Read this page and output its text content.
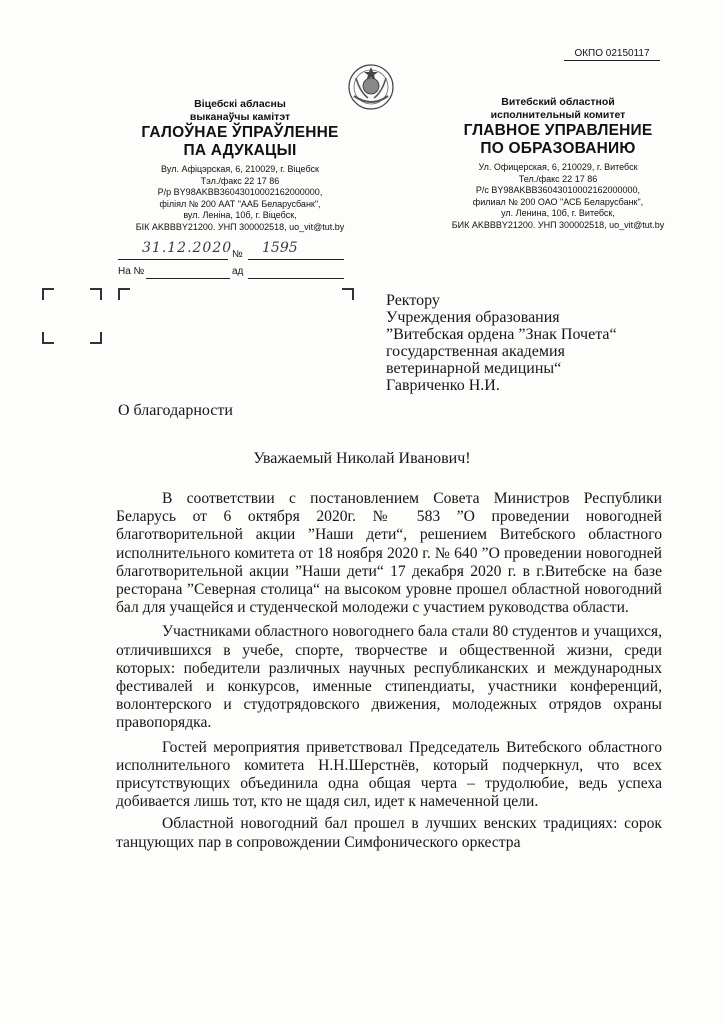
ОКПО 02150117
Віцебскі абласны
выканаўчы камітэт
ГАЛОЎНАЕ ЎПРАЎЛЕННЕ
ПА АДУКАЦЫІ
Вул. Афіцэрская, 6, 210029, г. Віцебск
Тэл./факс 22 17 86
Р/р BY98AKBB36043010002162000000,
філіял № 200 ААТ "ААБ Беларусбанк",
вул. Леніна, 10б, г. Віцебск,
БІК AKBBBY21200. УНП 300002518, uo_vit@tut.by
Витебский областной
исполнительный комитет
ГЛАВНОЕ УПРАВЛЕНИЕ
ПО ОБРАЗОВАНИЮ
Ул. Офицерская, 6, 210029, г. Витебск
Тел./факс 22 17 86
Р/с BY98AKBB36043010002162000000,
филиал № 200 ОАО "АСБ Беларусбанк",
ул. Ленина, 10б, г. Витебск,
БИК AKBBBY21200. УНП 300002518, uo_vit@tut.by
31.12.2020 № 1595
На №	ад
Ректору
Учреждения образования
”Витебская ордена ”Знак Почета“
государственная академия
ветеринарной медицины“
Гавриченко Н.И.
О благодарности
Уважаемый Николай Иванович!

В соответствии с постановлением Совета Министров Республики Беларусь от 6 октября 2020г. № 583 ”О проведении новогодней благотворительной акции ”Наши дети“, решением Витебского областного исполнительного комитета от 18 ноября 2020 г. № 640 ”О проведении новогодней благотворительной акции ”Наши дети“ 17 декабря 2020 г. в г.Витебске на базе ресторана ”Северная столица“ на высоком уровне прошел областной новогодний бал для учащейся и студенческой молодежи с участием руководства области.

Участниками областного новогоднего бала стали 80 студентов и учащихся, отличившихся в учебе, спорте, творчестве и общественной жизни, среди которых: победители различных научных республиканских и международных фестивалей и конкурсов, именные стипендиаты, участники конференций, волонтерского и студотрядовского движения, молодежных отрядов охраны правопорядка.

Гостей мероприятия приветствовал Председатель Витебского областного исполнительного комитета Н.Н.Шерстнёв, который подчеркнул, что всех присутствующих объединила одна общая черта – трудолюбие, ведь успеха добивается лишь тот, кто не щадя сил, идет к намеченной цели.

Областной новогодний бал прошел в лучших венских традициях: сорок танцующих пар в сопровождении Симфонического оркестра
